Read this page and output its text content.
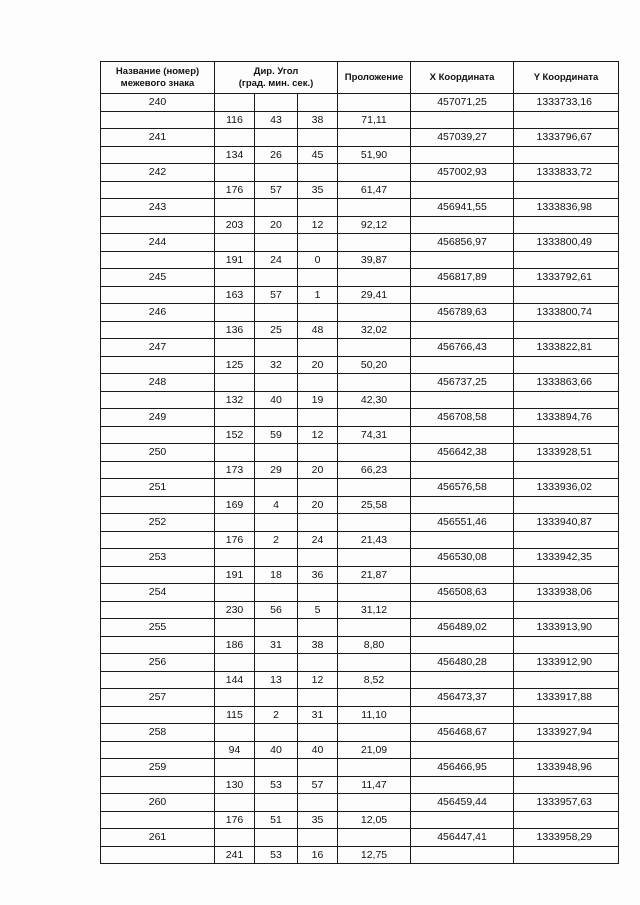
Название (номер)
межевого знака	Дир. Угол
(град. мин. сек.)			Проложение	X Координата	Y Координата
240					457071,25	1333733,16
	116	43	38	71,11		
241					457039,27	1333796,67
	134	26	45	51,90		
242					457002,93	1333833,72
	176	57	35	61,47		
243					456941,55	1333836,98
	203	20	12	92,12		
244					456856,97	1333800,49
	191	24	0	39,87		
245					456817,89	1333792,61
	163	57	1	29,41		
246					456789,63	1333800,74
	136	25	48	32,02		
247					456766,43	1333822,81
	125	32	20	50,20		
248					456737,25	1333863,66
	132	40	19	42,30		
249					456708,58	1333894,76
	152	59	12	74,31		
250					456642,38	1333928,51
	173	29	20	66,23		
251					456576,58	1333936,02
	169	4	20	25,58		
252					456551,46	1333940,87
	176	2	24	21,43		
253					456530,08	1333942,35
	191	18	36	21,87		
254					456508,63	1333938,06
	230	56	5	31,12		
255					456489,02	1333913,90
	186	31	38	8,80		
256					456480,28	1333912,90
	144	13	12	8,52		
257					456473,37	1333917,88
	115	2	31	11,10		
258					456468,67	1333927,94
	94	40	40	21,09		
259					456466,95	1333948,96
	130	53	57	11,47		
260					456459,44	1333957,63
	176	51	35	12,05		
261					456447,41	1333958,29
	241	53	16	12,75		
